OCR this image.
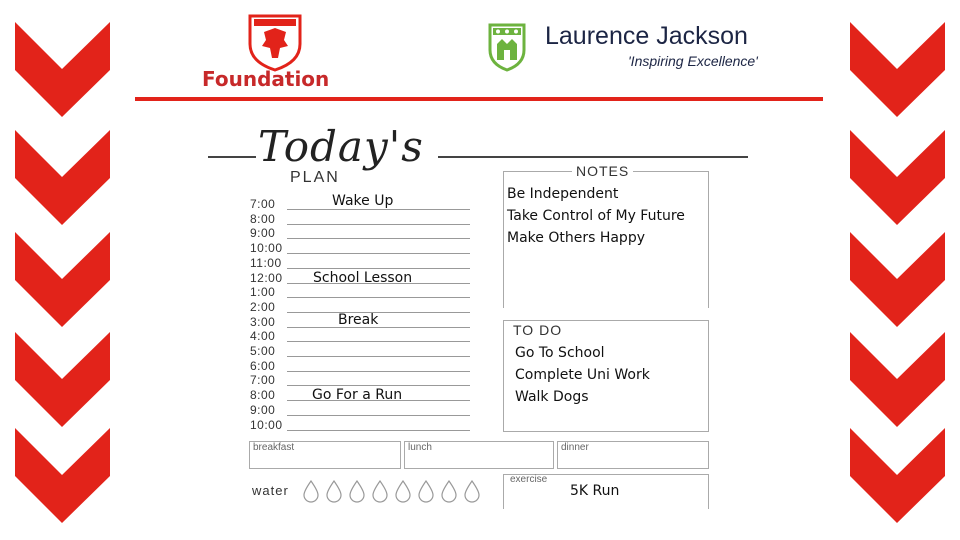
Foundation
Laurence Jackson
'Inspiring Excellence'
Today's
PLAN
7:00
8:00
9:00
10:00
11:00
12:00
1:00
2:00
3:00
4:00
5:00
6:00
7:00
8:00
9:00
10:00
Wake Up
School Lesson
Break
Go For a Run
NOTES
Be Independent
Take Control of My Future
Make Others Happy
TO DO
Go To School
Complete Uni Work
Walk Dogs
breakfast	lunch	dinner
water
exercise
5K Run
